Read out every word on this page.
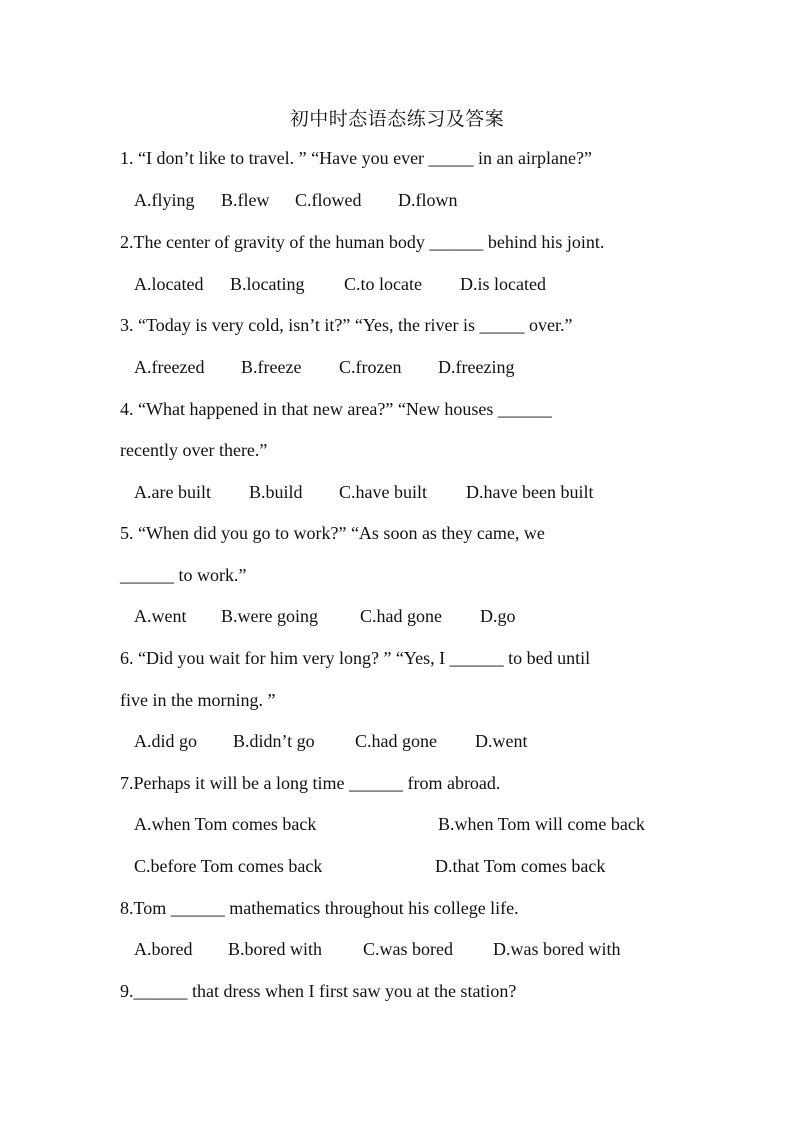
初中时态语态练习及答案
1. “I don’t like to travel. ” “Have you ever _____ in an airplane?”
A.flying B.flew C.flowed D.flown
2.The center of gravity of the human body ______ behind his joint.
A.located B.locating C.to locate D.is located
3. “Today is very cold, isn’t it?” “Yes, the river is _____ over.”
A.freezed B.freeze C.frozen D.freezing
4. “What happened in that new area?” “New houses ______
recently over there.”
A.are built B.build C.have built D.have been built
5. “When did you go to work?” “As soon as they came, we
______ to work.”
A.went B.were going C.had gone D.go
6. “Did you wait for him very long? ” “Yes, I ______ to bed until
five in the morning. ”
A.did go B.didn’t go C.had gone D.went
7.Perhaps it will be a long time ______ from abroad.
A.when Tom comes back	B.when Tom will come back
C.before Tom comes back	D.that Tom comes back
8.Tom ______ mathematics throughout his college life.
A.bored B.bored with C.was bored D.was bored with
9.______ that dress when I first saw you at the station?
